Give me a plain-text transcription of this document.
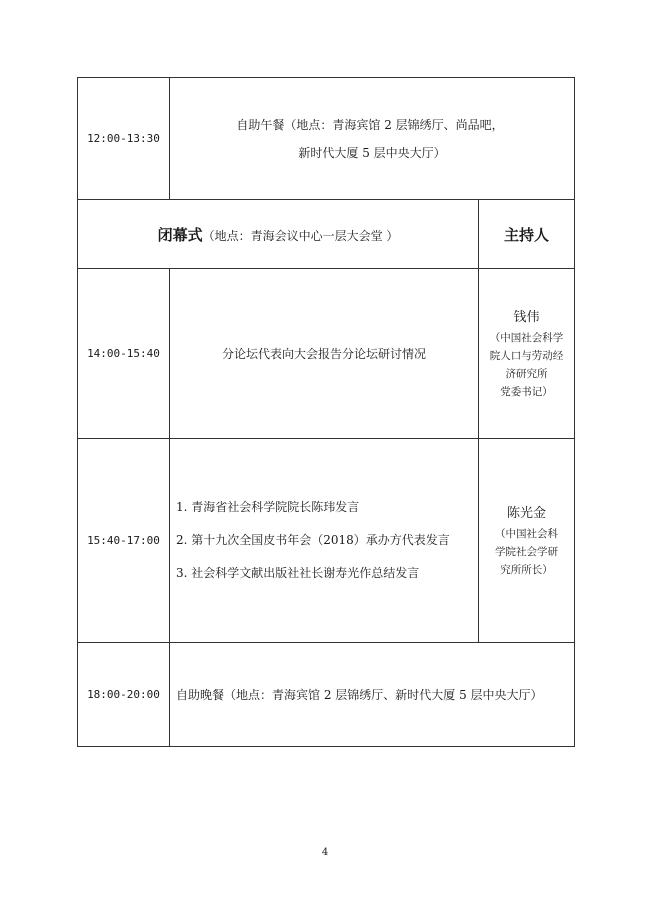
12:00-13:30	自助午餐（地点：青海宾馆 2 层锦绣厅、尚品吧，
新时代大厦 5 层中央大厅）	

闭幕式（地点：青海会议中心一层大会堂 ）		主持人
14:00-15:40	分论坛代表向大会报告分论坛研讨情况	钱伟
（中国社会科学
院人口与劳动经
济研究所
党委书记）

15:40-17:00	1. 青海省社会科学院院长陈玮发言
2. 第十九次全国皮书年会（2018）承办方代表发言
3. 社会科学文献出版社社长谢寿光作总结发言	陈光金
（中国社会科
学院社会学研
究所所长）

18:00-20:00	自助晚餐（地点：青海宾馆 2 层锦绣厅、新时代大厦 5 层中央大厅）	
4
